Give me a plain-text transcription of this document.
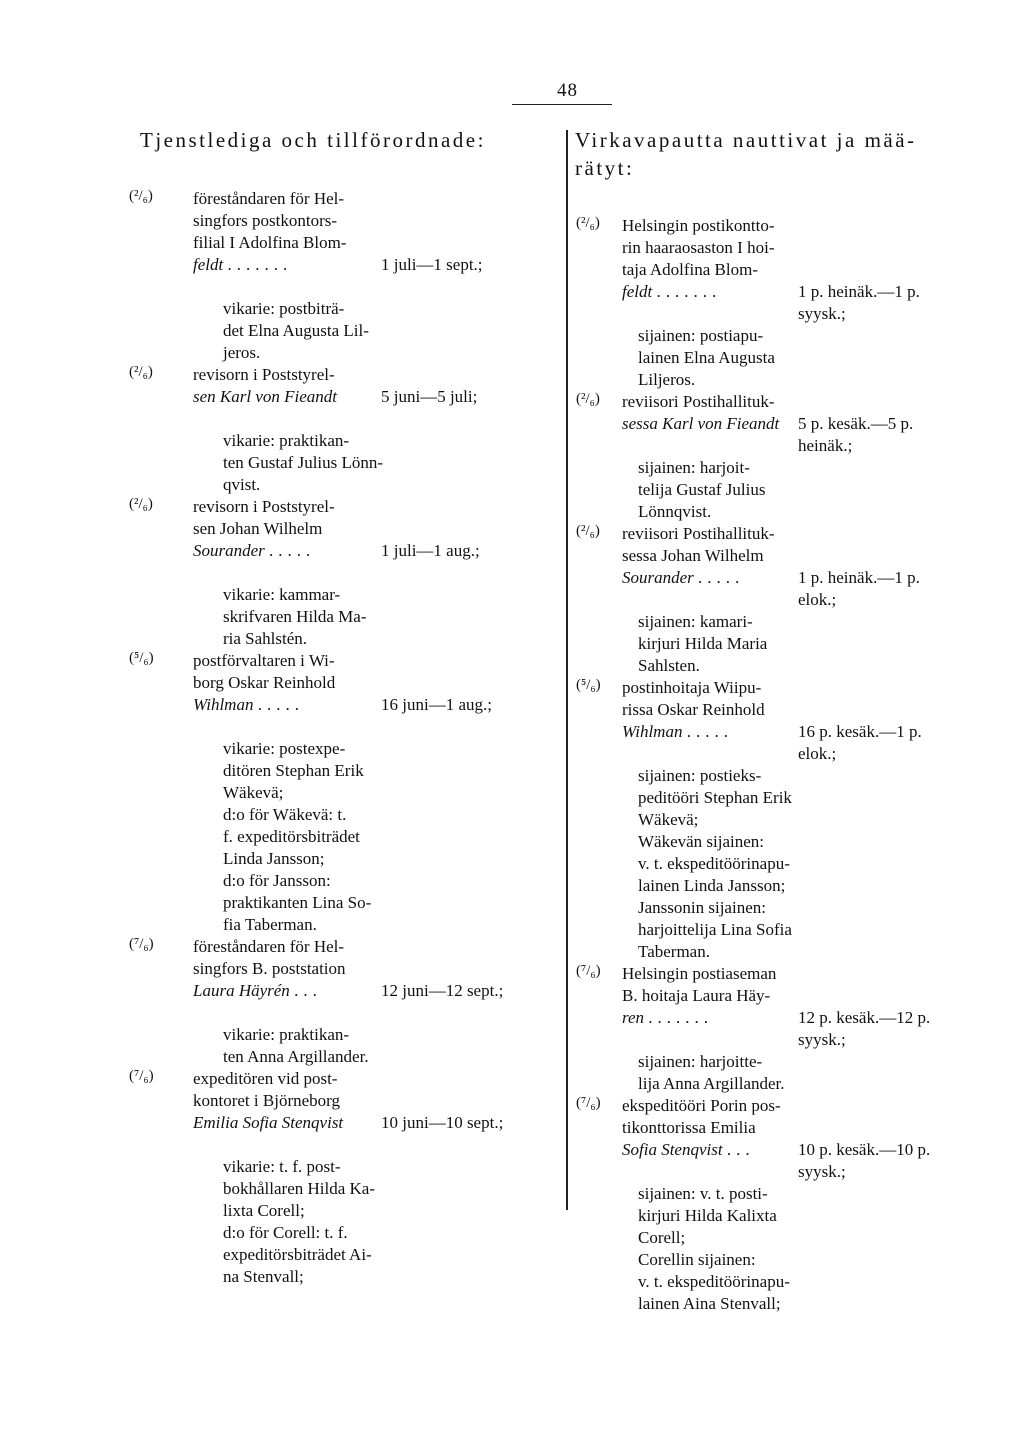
48
Tjenstlediga och tillförordnade:
(²/₆)	föreståndaren för Hel-
singfors postkontors-
filial I Adolfina Blom-
feldt .......	1 juli—1 sept.;
vikarie: postbiträ-
det Elna Augusta Lil-
jeros.
(²/₆)	revisorn i Poststyrel-
sen Karl von Fieandt	5 juni—5 juli;
vikarie: praktikan-
ten Gustaf Julius Lönn-
qvist.
(²/₆)	revisorn i Poststyrel-
sen Johan Wilhelm
Sourander .....	1 juli—1 aug.;
vikarie: kammar-
skrifvaren Hilda Ma-
ria Sahlstén.
(⁵/₆)	postförvaltaren i Wi-
borg Oskar Reinhold
Wihlman .....	16 juni—1 aug.;
vikarie: postexpe-
ditören Stephan Erik
Wäkevä;
d:o för Wäkevä: t.
f. expeditörsbiträdet
Linda Jansson;
d:o för Jansson:
praktikanten Lina So-
fia Taberman.
(⁷/₆)	föreståndaren för Hel-
singfors B. poststation
Laura Häyrén ...	12 juni—12 sept.;
vikarie: praktikan-
ten Anna Argillander.
(⁷/₆)	expeditören vid post-
kontoret i Björneborg
Emilia Sofia Stenqvist 10 juni—10 sept.;
vikarie: t. f. post-
bokhållaren Hilda Ka-
lixta Corell;
d:o för Corell: t. f.
expeditörsbiträdet Ai-
na Stenvall;
Virkavapautta nauttivat ja mää-
rätyt:
(²/₆)	Helsingin postikontto-
rin haaraosaston I hoi-
taja Adolfina Blom-
feldt .......	1 p. heinäk.—1 p.
syysk.;
sijainen: postiapu-
lainen Elna Augusta
Liljeros.
(²/₆)	reviisori Postihallituk-
sessa Karl von Fieandt 5 p. kesäk.—5 p.
heinäk.;
sijainen: harjoit-
telija Gustaf Julius
Lönnqvist.
(²/₆)	reviisori Postihallituk-
sessa Johan Wilhelm
Sourander .....	1 p. heinäk.—1 p.
elok.;
sijainen: kamari-
kirjuri Hilda Maria
Sahlsten.
(⁵/₆)	postinhoitaja Wiipu-
rissa Oskar Reinhold
Wihlman .....	16 p. kesäk.—1 p.
elok.;
sijainen: postieks-
peditööri Stephan Erik
Wäkevä;
Wäkevän sijainen:
v. t. ekspeditöörinapu-
lainen Linda Jansson;
Janssonin sijainen:
harjoittelija Lina Sofia
Taberman.
(⁷/₆)	Helsingin postiaseman
B. hoitaja Laura Häy-
ren .......	12 p. kesäk.—12 p.
syysk.;
sijainen: harjoitte-
lija Anna Argillander.
(⁷/₆)	ekspeditööri Porin pos-
tikonttorissa Emilia
Sofia Stenqvist ...	10 p. kesäk.—10 p.
syysk.;
sijainen: v. t. posti-
kirjuri Hilda Kalixta
Corell;
Corellin sijainen:
v. t. ekspeditöörinapu-
lainen Aina Stenvall;
